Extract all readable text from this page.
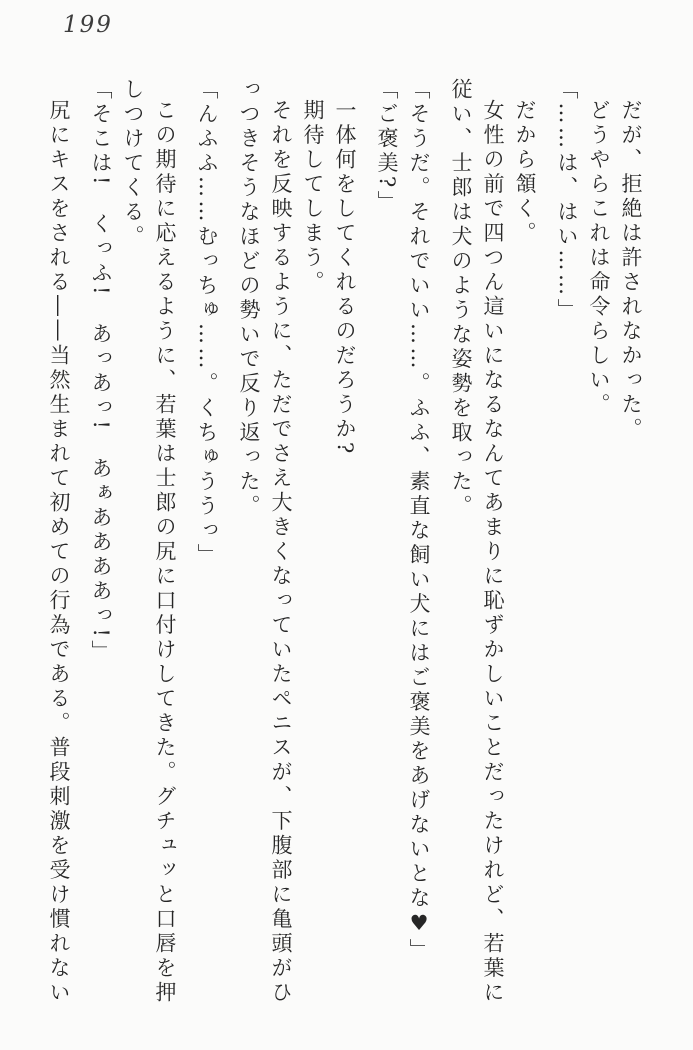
199

だが、拒絶は許されなかった。

どうやらこれは命令らしい。

「……は、はい……」

だから頷く。

女性の前で四つん這いになるなんてあまりに恥ずかしいことだったけれど、若葉に

従い、士郎は犬のような姿勢を取った。

「そうだ。それでいい……。ふふ、素直な飼い犬にはご褒美をあげないとな♥」

「ご褒美?」

一体何をしてくれるのだろうか?

期待してしまう。

それを反映するように、ただでさえ大きくなっていたペニスが、下腹部に亀頭がひ

っつきそうなほどの勢いで反り返った。

「んふふ……むっちゅ……。くちゅううっ」

この期待に応えるように、若葉は士郎の尻に口付けしてきた。グチュッと口唇を押

しつけてくる。

「そこは!　くっふ!　あっあっ!　あぁああああっ!」

尻にキスをされる――当然生まれて初めての行為である。普段刺激を受け慣れない
